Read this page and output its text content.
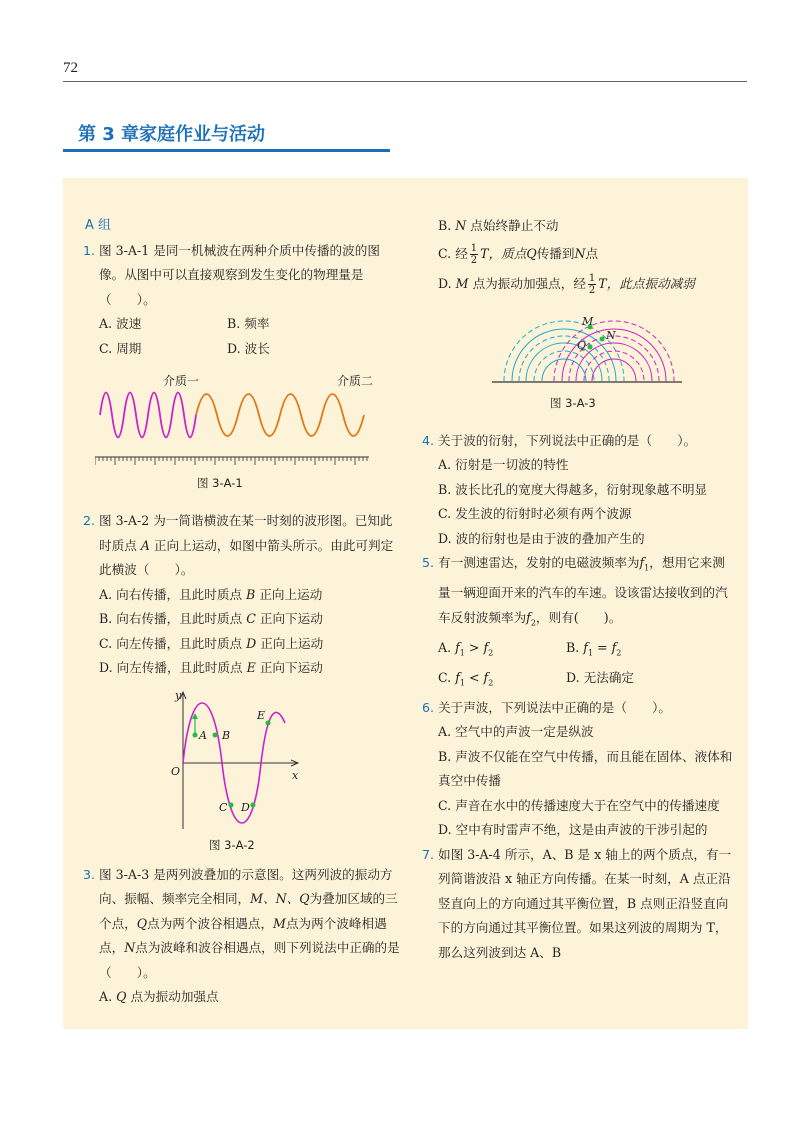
72
第 3 章家庭作业与活动
A 组
1. 图 3-A-1 是同一机械波在两种介质中传播的波的图像。从图中可以直接观察到发生变化的物理量是（　　）。
A. 波速	B. 频率
C. 周期	D. 波长
介质一	介质二
图 3-A-1
2. 图 3-A-2 为一简谐横波在某一时刻的波形图。已知此时质点 A 正向上运动，如图中箭头所示。由此可判定此横波（　　）。
A. 向右传播，且此时质点 B 正向上运动
B. 向右传播，且此时质点 C 正向下运动
C. 向左传播，且此时质点 D 正向上运动
D. 向左传播，且此时质点 E 正向下运动
y
x
O
A B
C D
E
图 3-A-2
3. 图 3-A-3 是两列波叠加的示意图。这两列波的振动方向、振幅、频率完全相同，M、N、Q为叠加区域的三个点，Q点为两个波谷相遇点，M点为两个波峰相遇点，N点为波峰和波谷相遇点，则下列说法中正确的是（　　）。
A. Q 点为振动加强点
B. N 点始终静止不动
C. 经 $\frac{1}{2}$ T，质点Q传播到N点
D. M 点为振动加强点，经 $\frac{1}{2}$ T，此点振动减弱
M
N
Q
图 3-A-3
4. 关于波的衍射，下列说法中正确的是（　　）。
A. 衍射是一切波的特性
B. 波长比孔的宽度大得越多，衍射现象越不明显
C. 发生波的衍射时必须有两个波源
D. 波的衍射也是由于波的叠加产生的
5. 有一测速雷达，发射的电磁波频率为$f_1$，想用它来测量一辆迎面开来的汽车的车速。设该雷达接收到的汽车反射波频率为$f_2$，则有(　　)。
A. $f_1 > f_2$	B. $f_1 = f_2$
C. $f_1 < f_2$	D. 无法确定
6. 关于声波，下列说法中正确的是（　　）。
A. 空气中的声波一定是纵波
B. 声波不仅能在空气中传播，而且能在固体、液体和真空中传播
C. 声音在水中的传播速度大于在空气中的传播速度
D. 空中有时雷声不绝，这是由声波的干涉引起的
7. 如图 3-A-4 所示，A、B 是 x 轴上的两个质点，有一列简谐波沿 x 轴正方向传播。在某一时刻，A 点正沿竖直向上的方向通过其平衡位置，B 点则正沿竖直向下的方向通过其平衡位置。如果这列波的周期为 T，那么这列波到达 A、B
